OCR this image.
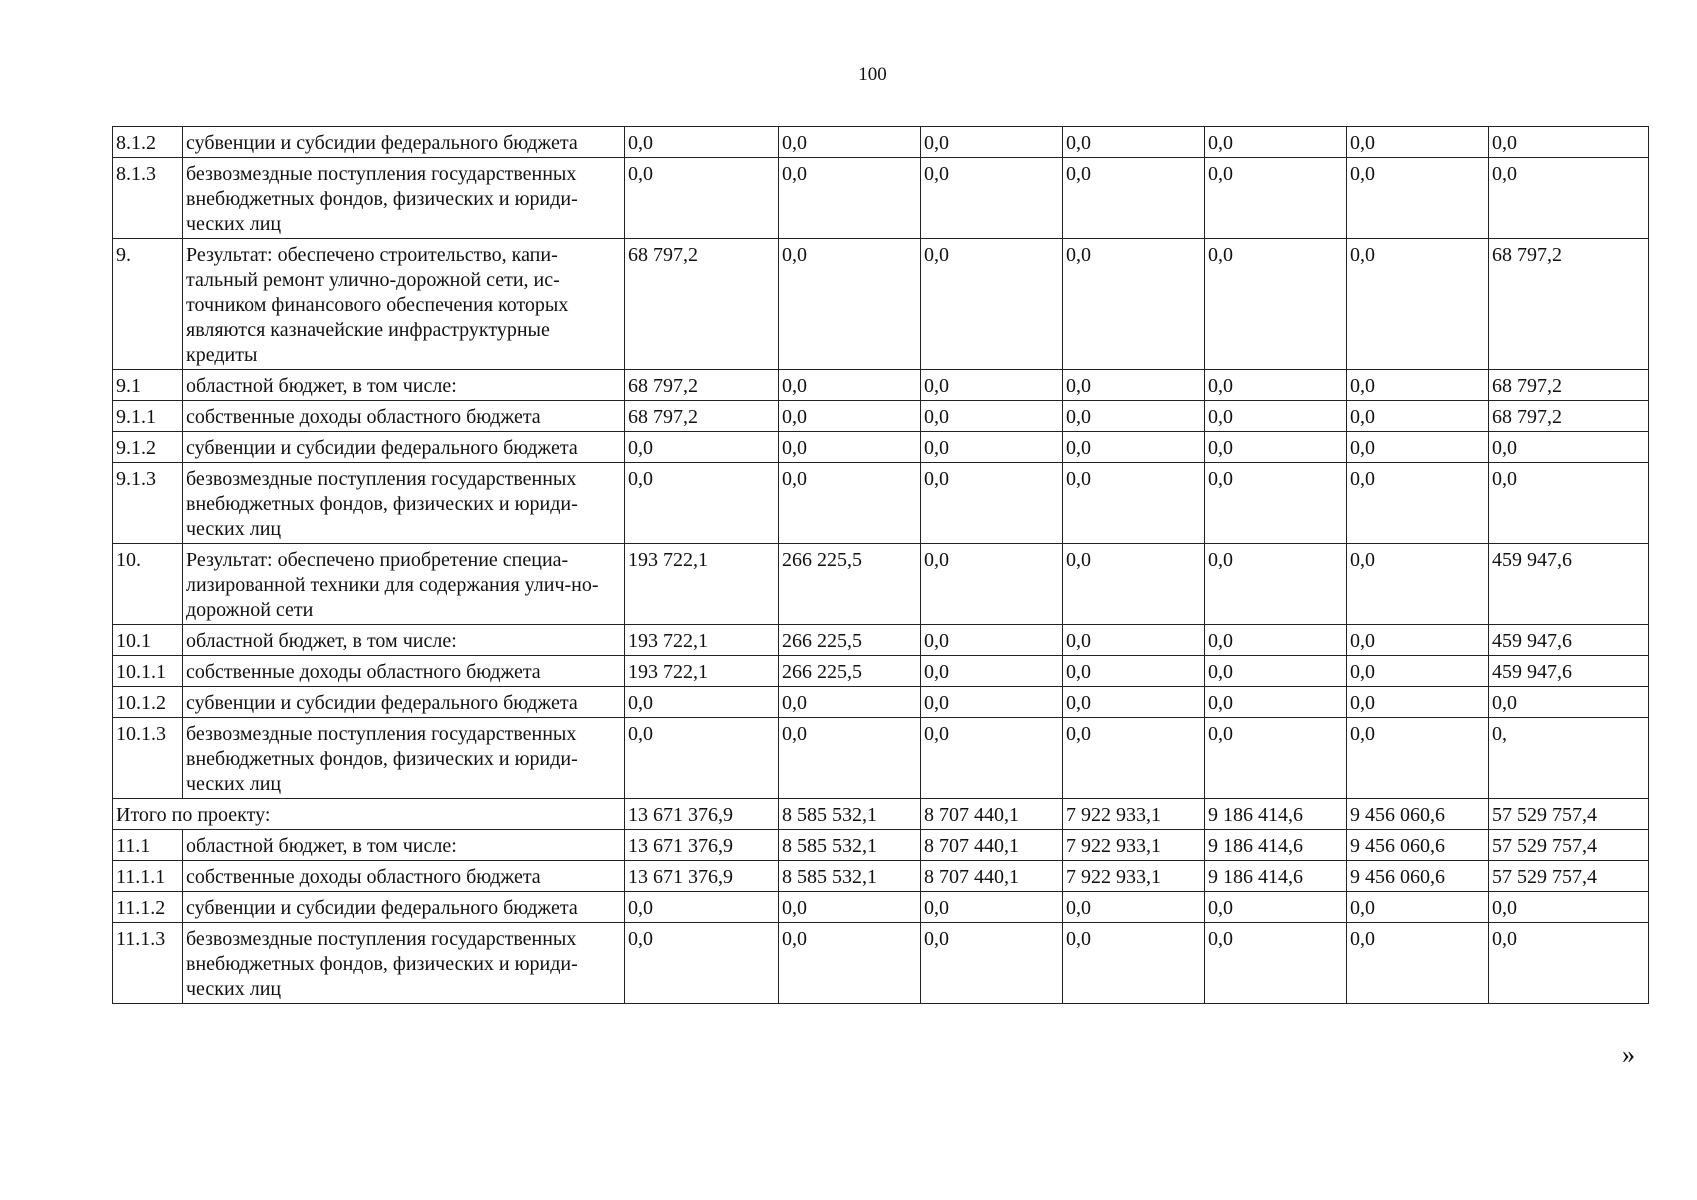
100
8.1.2	субвенции и субсидии федерального бюджета	0,0	0,0	0,0	0,0	0,0	0,0	0,0
8.1.3	безвозмездные поступления государственных внебюджетных фондов, физических и юриди-ческих лиц	0,0	0,0	0,0	0,0	0,0	0,0	0,0
9.	Результат: обеспечено строительство, капи-тальный ремонт улично-дорожной сети, ис-точником финансового обеспечения которых являются казначейские инфраструктурные кредиты	68 797,2	0,0	0,0	0,0	0,0	0,0	68 797,2
9.1	областной бюджет, в том числе:	68 797,2	0,0	0,0	0,0	0,0	0,0	68 797,2
9.1.1	собственные доходы областного бюджета	68 797,2	0,0	0,0	0,0	0,0	0,0	68 797,2
9.1.2	субвенции и субсидии федерального бюджета	0,0	0,0	0,0	0,0	0,0	0,0	0,0
9.1.3	безвозмездные поступления государственных внебюджетных фондов, физических и юриди-ческих лиц	0,0	0,0	0,0	0,0	0,0	0,0	0,0
10.	Результат: обеспечено приобретение специа-лизированной техники для содержания улич-но-дорожной сети	193 722,1	266 225,5	0,0	0,0	0,0	0,0	459 947,6
10.1	областной бюджет, в том числе:	193 722,1	266 225,5	0,0	0,0	0,0	0,0	459 947,6
10.1.1	собственные доходы областного бюджета	193 722,1	266 225,5	0,0	0,0	0,0	0,0	459 947,6
10.1.2	субвенции и субсидии федерального бюджета	0,0	0,0	0,0	0,0	0,0	0,0	0,0
10.1.3	безвозмездные поступления государственных внебюджетных фондов, физических и юриди-ческих лиц	0,0	0,0	0,0	0,0	0,0	0,0	0,
Итого по проекту:		13 671 376,9	8 585 532,1	8 707 440,1	7 922 933,1	9 186 414,6	9 456 060,6	57 529 757,4
11.1	областной бюджет, в том числе:	13 671 376,9	8 585 532,1	8 707 440,1	7 922 933,1	9 186 414,6	9 456 060,6	57 529 757,4
11.1.1	собственные доходы областного бюджета	13 671 376,9	8 585 532,1	8 707 440,1	7 922 933,1	9 186 414,6	9 456 060,6	57 529 757,4
11.1.2	субвенции и субсидии федерального бюджета	0,0	0,0	0,0	0,0	0,0	0,0	0,0
11.1.3	безвозмездные поступления государственных внебюджетных фондов, физических и юриди-ческих лиц	0,0	0,0	0,0	0,0	0,0	0,0	0,0
»
